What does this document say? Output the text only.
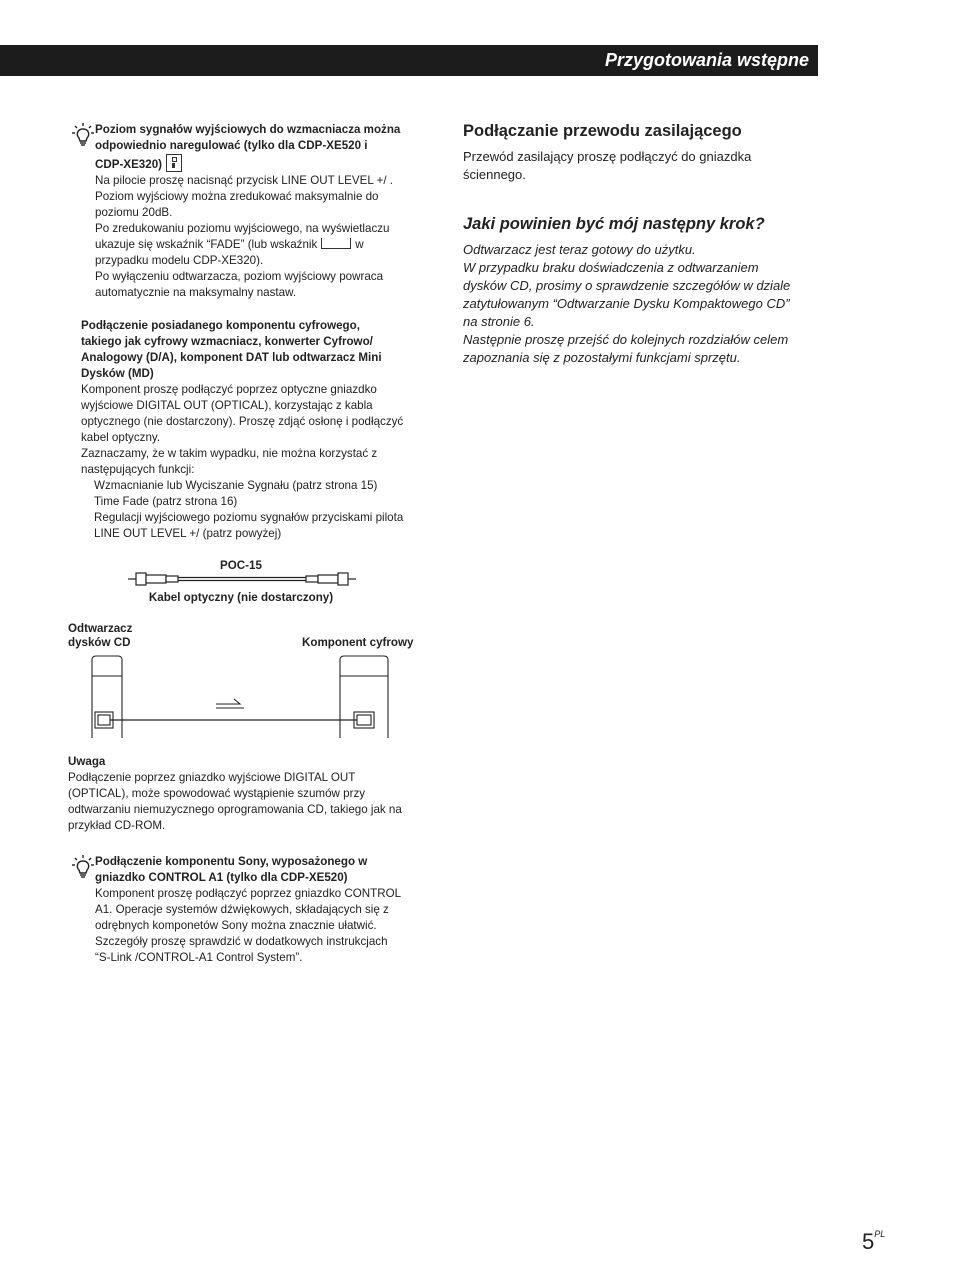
Przygotowania wstępne

Poziom sygnałów wyjściowych do wzmacniacza można

odpowiednio naregulować (tylko dla CDP-XE520 i

CDP-XE320)

Na pilocie proszę nacisnąć przycisk LINE OUT LEVEL +/ .

Poziom wyjściowy można zredukować maksymalnie do

poziomu 20dB.

Po zredukowaniu poziomu wyjściowego, na wyświetlaczu

ukazuje się wskaźnik “FADE” (lub wskaźnik	w

przypadku modelu CDP-XE320).

Po wyłączeniu odtwarzacza, poziom wyjściowy powraca

automatycznie na maksymalny nastaw.

Podłączenie posiadanego komponentu cyfrowego,

takiego jak cyfrowy wzmacniacz, konwerter Cyfrowo/

Analogowy (D/A), komponent DAT lub odtwarzacz Mini

Dysków (MD)

Komponent proszę podłączyć poprzez optyczne gniazdko

wyjściowe DIGITAL OUT (OPTICAL), korzystając z kabla

optycznego (nie dostarczony). Proszę zdjąć osłonę i podłączyć

kabel optyczny.

Zaznaczamy, że w takim wypadku, nie można korzystać z

następujących funkcji:

Wzmacnianie lub Wyciszanie Sygnału (patrz strona 15)

Time Fade (patrz strona 16)

Regulacji wyjściowego poziomu sygnałów przyciskami pilota

LINE OUT LEVEL +/ (patrz powyżej)

POC-15
Kabel optyczny (nie dostarczony)
Odtwarzacz
dysków CD	Komponent cyfrowy

Uwaga

Podłączenie poprzez gniazdko wyjściowe DIGITAL OUT

(OPTICAL), może spowodować wystąpienie szumów przy

odtwarzaniu niemuzycznego oprogramowania CD, takiego jak na

przykład CD-ROM.

Podłączenie komponentu Sony, wyposażonego w

gniazdko CONTROL A1 (tylko dla CDP-XE520)

Komponent proszę podłączyć poprzez gniazdko CONTROL

A1. Operacje systemów dźwiękowych, składających się z

odrębnych komponetów Sony można znacznie ułatwić.

Szczegóły proszę sprawdzić w dodatkowych instrukcjach

“S-Link /CONTROL-A1 Control System”.

Podłączanie przewodu zasilającego
Przewód zasilający proszę podłączyć do gniazdka
ściennego.
Jaki powinien być mój następny krok?
Odtwarzacz jest teraz gotowy do użytku.
W przypadku braku doświadczenia z odtwarzaniem
dysków CD, prosimy o sprawdzenie szczegółów w dziale
zatytułowanym “Odtwarzanie Dysku Kompaktowego CD”
na stronie 6.
Następnie proszę przejść do kolejnych rozdziałów celem
zapoznania się z pozostałymi funkcjami sprzętu.
$5^{PL}$
